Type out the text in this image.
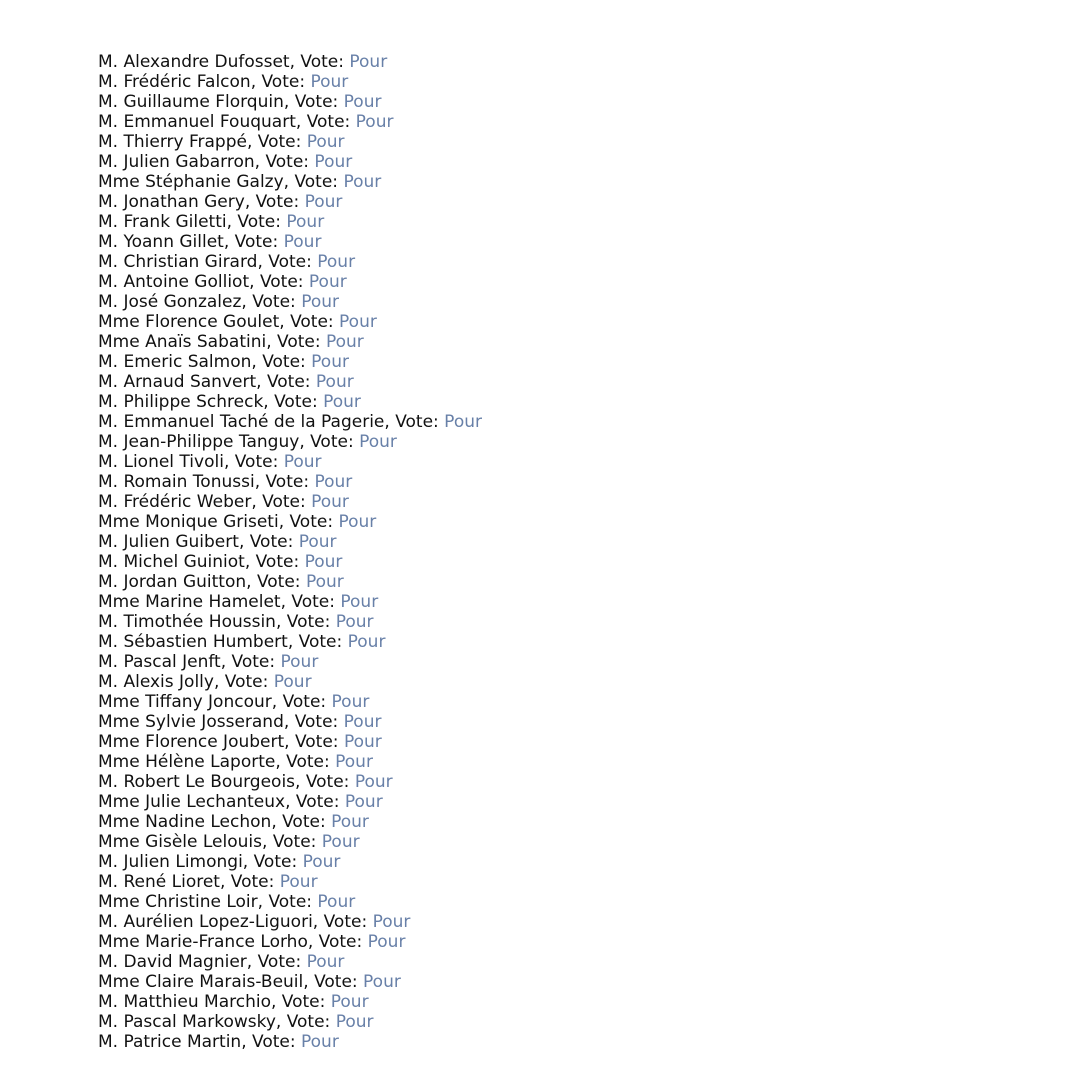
M. Alexandre Dufosset, Vote: Pour
M. Frédéric Falcon, Vote: Pour
M. Guillaume Florquin, Vote: Pour
M. Emmanuel Fouquart, Vote: Pour
M. Thierry Frappé, Vote: Pour
M. Julien Gabarron, Vote: Pour
Mme Stéphanie Galzy, Vote: Pour
M. Jonathan Gery, Vote: Pour
M. Frank Giletti, Vote: Pour
M. Yoann Gillet, Vote: Pour
M. Christian Girard, Vote: Pour
M. Antoine Golliot, Vote: Pour
M. José Gonzalez, Vote: Pour
Mme Florence Goulet, Vote: Pour
Mme Anaïs Sabatini, Vote: Pour
M. Emeric Salmon, Vote: Pour
M. Arnaud Sanvert, Vote: Pour
M. Philippe Schreck, Vote: Pour
M. Emmanuel Taché de la Pagerie, Vote: Pour
M. Jean-Philippe Tanguy, Vote: Pour
M. Lionel Tivoli, Vote: Pour
M. Romain Tonussi, Vote: Pour
M. Frédéric Weber, Vote: Pour
Mme Monique Griseti, Vote: Pour
M. Julien Guibert, Vote: Pour
M. Michel Guiniot, Vote: Pour
M. Jordan Guitton, Vote: Pour
Mme Marine Hamelet, Vote: Pour
M. Timothée Houssin, Vote: Pour
M. Sébastien Humbert, Vote: Pour
M. Pascal Jenft, Vote: Pour
M. Alexis Jolly, Vote: Pour
Mme Tiffany Joncour, Vote: Pour
Mme Sylvie Josserand, Vote: Pour
Mme Florence Joubert, Vote: Pour
Mme Hélène Laporte, Vote: Pour
M. Robert Le Bourgeois, Vote: Pour
Mme Julie Lechanteux, Vote: Pour
Mme Nadine Lechon, Vote: Pour
Mme Gisèle Lelouis, Vote: Pour
M. Julien Limongi, Vote: Pour
M. René Lioret, Vote: Pour
Mme Christine Loir, Vote: Pour
M. Aurélien Lopez-Liguori, Vote: Pour
Mme Marie-France Lorho, Vote: Pour
M. David Magnier, Vote: Pour
Mme Claire Marais-Beuil, Vote: Pour
M. Matthieu Marchio, Vote: Pour
M. Pascal Markowsky, Vote: Pour
M. Patrice Martin, Vote: Pour
